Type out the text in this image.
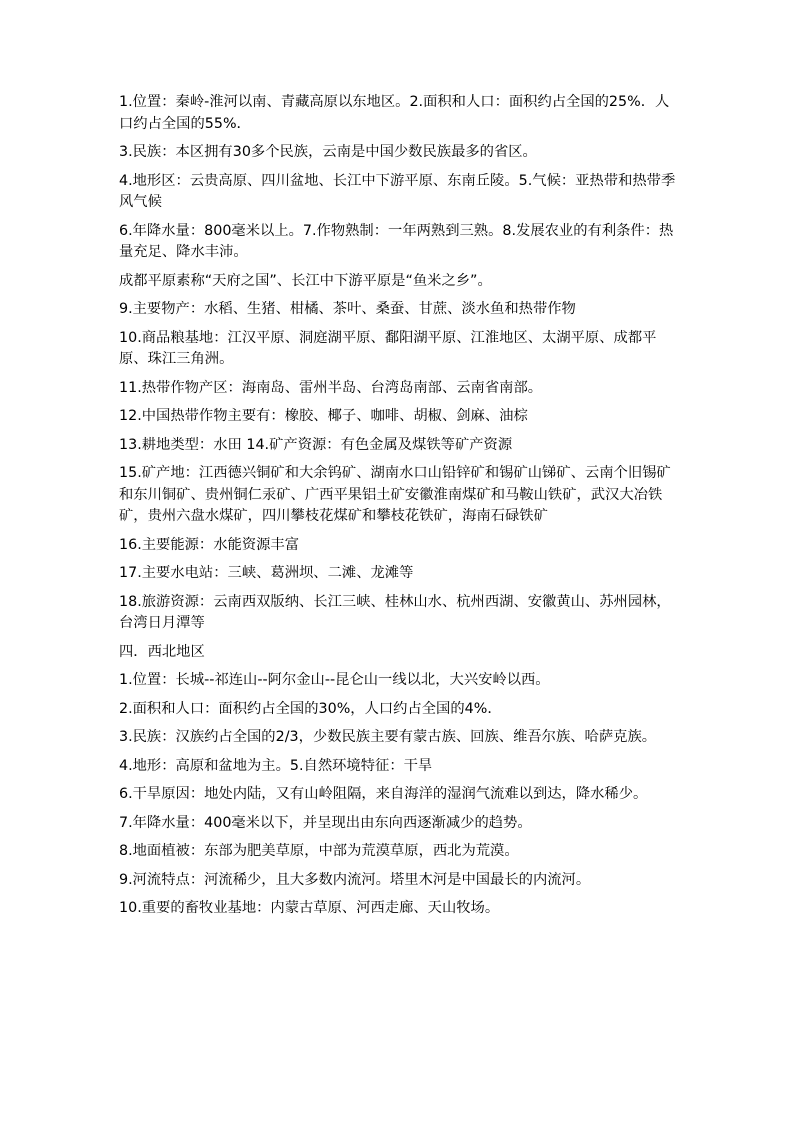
1.位置：秦岭-淮河以南、青藏高原以东地区。2.面积和人口：面积约占全国的25%．人口约占全国的55%．

3.民族：本区拥有30多个民族，云南是中国少数民族最多的省区。

4.地形区：云贵高原、四川盆地、长江中下游平原、东南丘陵。5.气候：亚热带和热带季风气候

6.年降水量：800毫米以上。7.作物熟制：一年两熟到三熟。8.发展农业的有利条件：热量充足、降水丰沛。

成都平原素称“天府之国”、长江中下游平原是“鱼米之乡”。

9.主要物产：水稻、生猪、柑橘、茶叶、桑蚕、甘蔗、淡水鱼和热带作物

10.商品粮基地：江汉平原、洞庭湖平原、鄱阳湖平原、江淮地区、太湖平原、成都平原、珠江三角洲。

11.热带作物产区：海南岛、雷州半岛、台湾岛南部、云南省南部。

12.中国热带作物主要有：橡胶、椰子、咖啡、胡椒、剑麻、油棕

13.耕地类型：水田 14.矿产资源：有色金属及煤铁等矿产资源

15.矿产地：江西德兴铜矿和大余钨矿、湖南水口山铅锌矿和锡矿山锑矿、云南个旧锡矿和东川铜矿、贵州铜仁汞矿、广西平果铝土矿安徽淮南煤矿和马鞍山铁矿，武汉大冶铁矿，贵州六盘水煤矿，四川攀枝花煤矿和攀枝花铁矿，海南石碌铁矿

16.主要能源：水能资源丰富

17.主要水电站：三峡、葛洲坝、二滩、龙滩等

18.旅游资源：云南西双版纳、长江三峡、桂林山水、杭州西湖、安徽黄山、苏州园林，台湾日月潭等

四．西北地区

1.位置：长城--祁连山--阿尔金山--昆仑山一线以北，大兴安岭以西。

2.面积和人口：面积约占全国的30%，人口约占全国的4%．

3.民族：汉族约占全国的2/3，少数民族主要有蒙古族、回族、维吾尔族、哈萨克族。

4.地形：高原和盆地为主。5.自然环境特征：干旱

6.干旱原因：地处内陆，又有山岭阻隔，来自海洋的湿润气流难以到达，降水稀少。

7.年降水量：400毫米以下，并呈现出由东向西逐渐减少的趋势。

8.地面植被：东部为肥美草原，中部为荒漠草原，西北为荒漠。

9.河流特点：河流稀少，且大多数内流河。塔里木河是中国最长的内流河。

10.重要的畜牧业基地：内蒙古草原、河西走廊、天山牧场。
